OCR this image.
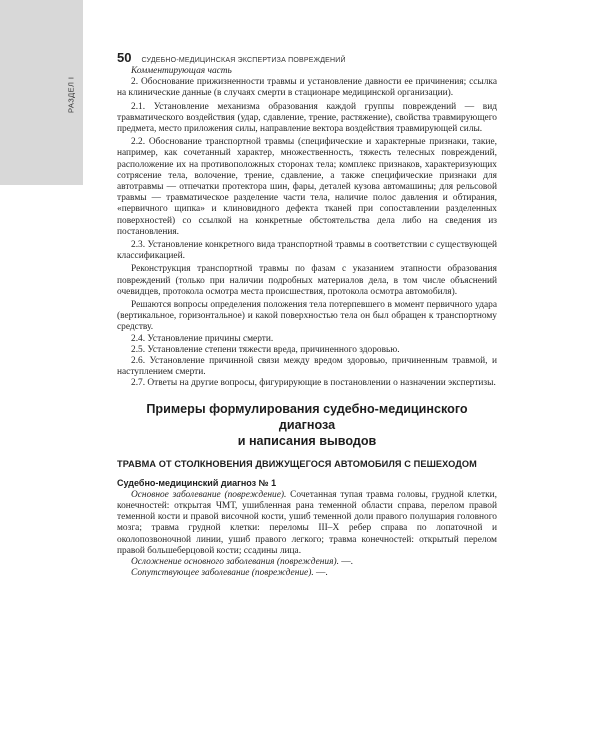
РАЗДЕЛ I
50 СУДЕБНО-МЕДИЦИНСКАЯ ЭКСПЕРТИЗА ПОВРЕЖДЕНИЙ

Комментирующая часть

2. Обоснование прижизненности травмы и установление давности ее причинения; ссылка на клинические данные (в случаях смерти в стационаре медицинской организации).

2.1. Установление механизма образования каждой группы повреждений — вид травматического воздействия (удар, сдавление, трение, растяжение), свойства травмирующего предмета, место приложения силы, направление вектора воздействия травмирующей силы.

2.2. Обоснование транспортной травмы (специфические и характерные признаки, такие, например, как сочетанный характер, множественность, тяжесть телесных повреждений, расположение их на противоположных сторонах тела; комплекс признаков, характеризующих сотрясение тела, волочение, трение, сдавление, а также специфические признаки для автотравмы — отпечатки протектора шин, фары, деталей кузова автомашины; для рельсовой травмы — травматическое разделение части тела, наличие полос давления и обтирания, «первичного щипка» и клиновидного дефекта тканей при сопоставлении разделенных поверхностей) со ссылкой на конкретные обстоятельства дела либо на сведения из постановления.

2.3. Установление конкретного вида транспортной травмы в соответствии с существующей классификацией.

Реконструкция транспортной травмы по фазам с указанием этапности образования повреждений (только при наличии подробных материалов дела, в том числе объяснений очевидцев, протокола осмотра места происшествия, протокола осмотра автомобиля).

Решаются вопросы определения положения тела потерпевшего в момент первичного удара (вертикальное, горизонтальное) и какой поверхностью тела он был обращен к транспортному средству.

2.4. Установление причины смерти.

2.5. Установление степени тяжести вреда, причиненного здоровью.

2.6. Установление причинной связи между вредом здоровью, причиненным травмой, и наступлением смерти.

2.7. Ответы на другие вопросы, фигурирующие в постановлении о назначении экспертизы.

Примеры формулирования судебно-медицинского диагноза
и написания выводов
ТРАВМА ОТ СТОЛКНОВЕНИЯ ДВИЖУЩЕГОСЯ АВТОМОБИЛЯ С ПЕШЕХОДОМ
Судебно-медицинский диагноз № 1

Основное заболевание (повреждение). Сочетанная тупая травма головы, грудной клетки, конечностей: открытая ЧМТ, ушибленная рана теменной области справа, перелом правой теменной кости и правой височной кости, ушиб теменной доли правого полушария головного мозга; травма грудной клетки: переломы III–X ребер справа по лопаточной и околопозвоночной линии, ушиб правого легкого; травма конечностей: открытый перелом правой большеберцовой кости; ссадины лица.

Осложнение основного заболевания (повреждения). —.

Сопутствующее заболевание (повреждение). —.
